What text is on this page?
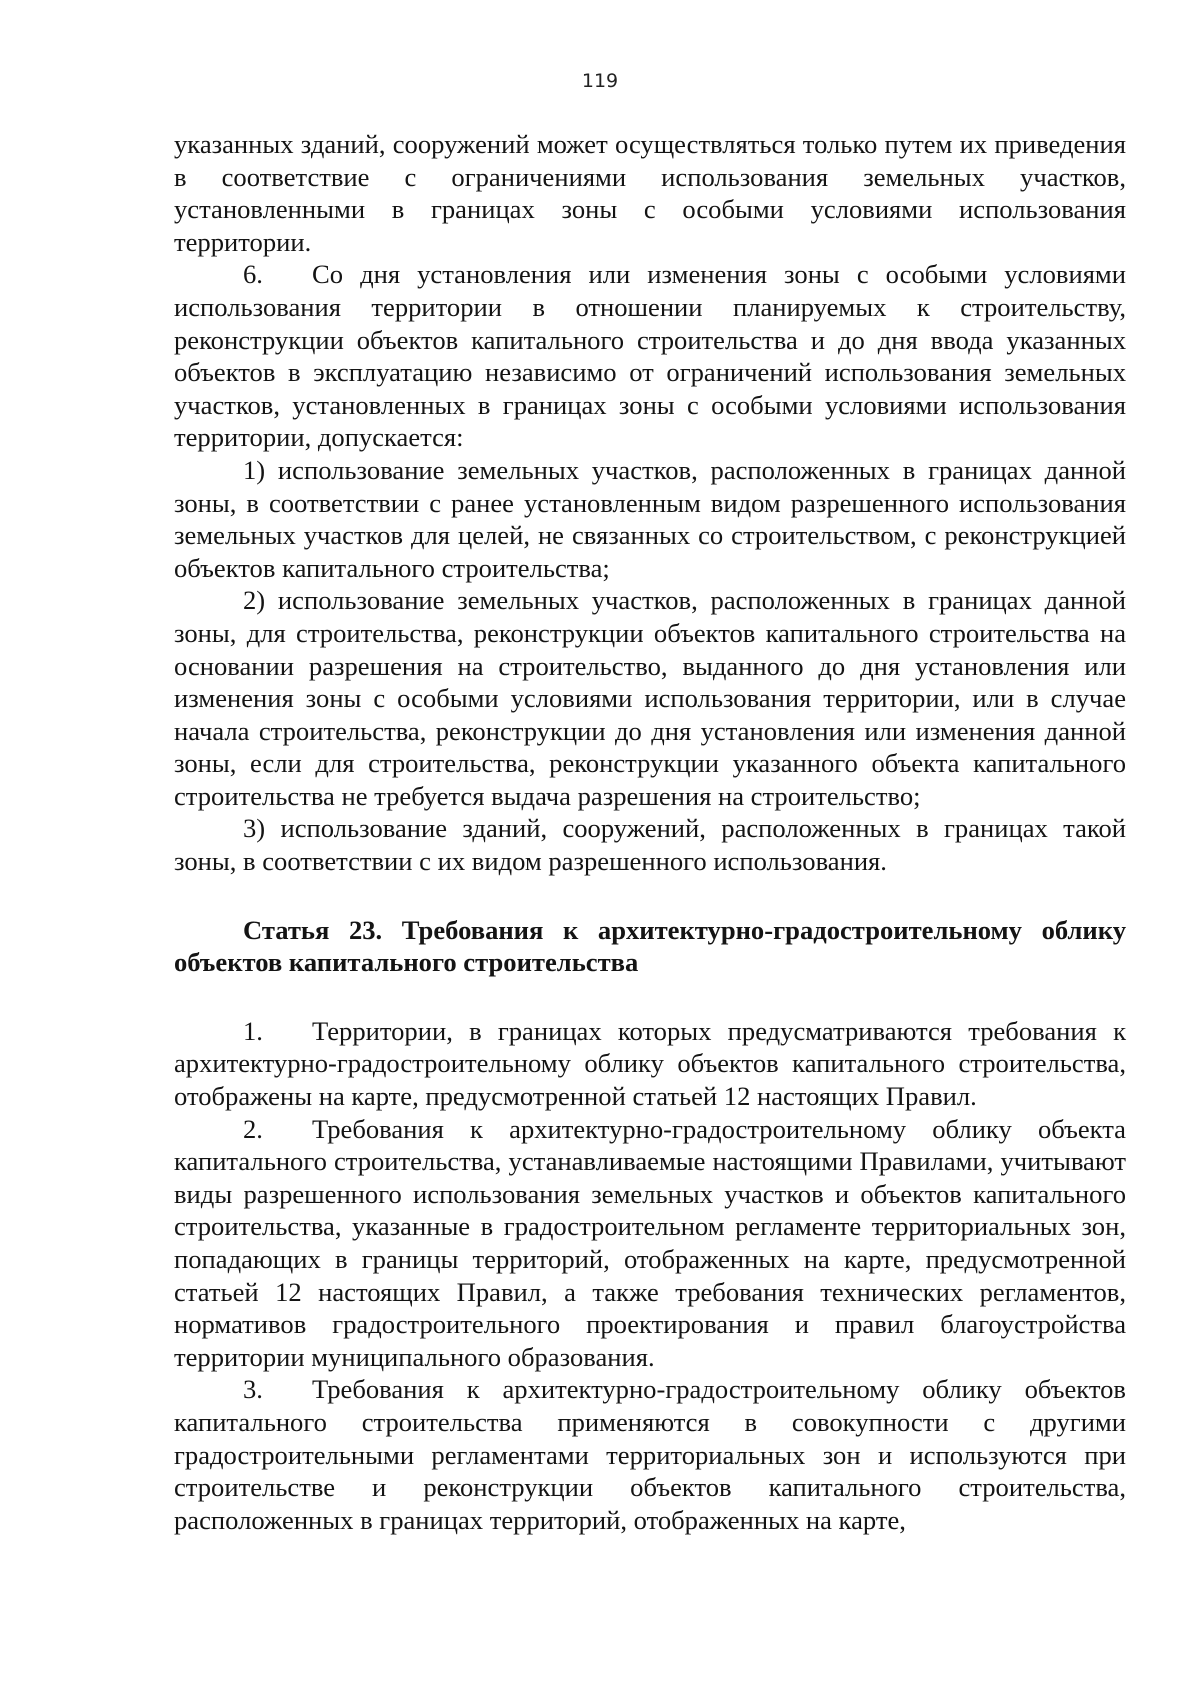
119

указанных зданий, сооружений может осуществляться только путем их приведения в соответствие с ограничениями использования земельных участков, установленными в границах зоны с особыми условиями использования территории.

6. Со дня установления или изменения зоны с особыми условиями использования территории в отношении планируемых к строительству, реконструкции объектов капитального строительства и до дня ввода указанных объектов в эксплуатацию независимо от ограничений использования земельных участков, установленных в границах зоны с особыми условиями использования территории, допускается:

1) использование земельных участков, расположенных в границах данной зоны, в соответствии с ранее установленным видом разрешенного использования земельных участков для целей, не связанных со строительством, с реконструкцией объектов капитального строительства;

2) использование земельных участков, расположенных в границах данной зоны, для строительства, реконструкции объектов капитального строительства на основании разрешения на строительство, выданного до дня установления или изменения зоны с особыми условиями использования территории, или в случае начала строительства, реконструкции до дня установления или изменения данной зоны, если для строительства, реконструкции указанного объекта капитального строительства не требуется выдача разрешения на строительство;

3) использование зданий, сооружений, расположенных в границах такой зоны, в соответствии с их видом разрешенного использования.

Статья 23. Требования к архитектурно-градостроительному облику объектов капитального строительства

1. Территории, в границах которых предусматриваются требования к архитектурно-градостроительному облику объектов капитального строительства, отображены на карте, предусмотренной статьей 12 настоящих Правил.

2. Требования к архитектурно-градостроительному облику объекта капитального строительства, устанавливаемые настоящими Правилами, учитывают виды разрешенного использования земельных участков и объектов капитального строительства, указанные в градостроительном регламенте территориальных зон, попадающих в границы территорий, отображенных на карте, предусмотренной статьей 12 настоящих Правил, а также требования технических регламентов, нормативов градостроительного проектирования и правил благоустройства территории муниципального образования.

3. Требования к архитектурно-градостроительному облику объектов капитального строительства применяются в совокупности с другими градостроительными регламентами территориальных зон и используются при строительстве и реконструкции объектов капитального строительства, расположенных в границах территорий, отображенных на карте,
